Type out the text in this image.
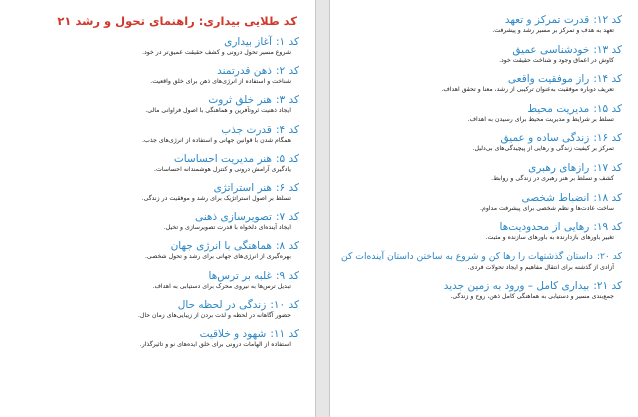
کد طلایی بیداری: راهنمای تحول و رشد ۲۱
کد ۱:آغاز بیداری
شروع مسیر تحول درونی و کشف حقیقت عمیق‌تر در خود.
کد ۲:ذهن قدرتمند
شناخت و استفاده از انرژی‌های ذهن برای خلق واقعیت.
کد ۳:هنر خلق ثروت
ایجاد ذهنیت ثروتآفرین و هماهنگی با اصول فراوانی مالی.
کد ۴:قدرت جذب
همگام شدن با قوانین جهانی و استفاده از انرژی‌های جذب.
کد ۵:هنر مدیریت احساسات
یادگیری آرامش درونی و کنترل هوشمندانه احساسات.
کد ۶:هنر استراتژی
تسلط بر اصول استراتژیک برای رشد و موفقیت در زندگی.
کد ۷:تصویرسازی ذهنی
ایجاد آینده‌ای دلخواه با قدرت تصویرسازی و تخیل.
کد ۸:هماهنگی با انرژی جهان
بهره‌گیری از انرژی‌های جهانی برای رشد و تحول شخصی.
کد ۹:غلبه بر ترس‌ها
تبدیل ترس‌ها به نیروی محرک برای دستیابی به اهداف.
کد ۱۰:زندگی در لحظه حال
حضور آگاهانه در لحظه و لذت بردن از زیبایی‌های زمان حال.
کد ۱۱:شهود و خلاقیت
استفاده از الهامات درونی برای خلق ایده‌های نو و تاثیرگذار.
کد ۱۲:قدرت تمرکز و تعهد
تعهد به هدف و تمرکز بر مسیر رشد و پیشرفت.
کد ۱۳:خودشناسی عمیق
کاوش در اعماق وجود و شناخت حقیقت خود.
کد ۱۴:راز موفقیت واقعی
تعریف دوباره موفقیت به‌عنوان ترکیبی از رشد، معنا و تحقق اهداف.
کد ۱۵:مدیریت محیط
تسلط بر شرایط و مدیریت محیط برای رسیدن به اهداف.
کد ۱۶:زندگی ساده و عمیق
تمرکز بر کیفیت زندگی و رهایی از پیچیدگی‌های بی‌دلیل.
کد ۱۷:رازهای رهبری
کشف و تسلط بر هنر رهبری در زندگی و روابط.
کد ۱۸:انضباط شخصی
ساخت عادت‌ها و نظم شخصی برای پیشرفت مداوم.
کد ۱۹:رهایی از محدودیت‌ها
تغییر باورهای بازدارنده به باورهای سازنده و مثبت.
کد ۲۰:داستان گذشتهات را رها کن و شروع به ساختن داستان آینده‌ات کن
آزادی از گذشته برای انتقال مفاهیم و ایجاد تحولات فردی.
کد ۲۱:بیداری کامل – ورود به زمین جدید
جمع‌بندی مسیر و دستیابی به هماهنگی کامل ذهن، روح و زندگی.
